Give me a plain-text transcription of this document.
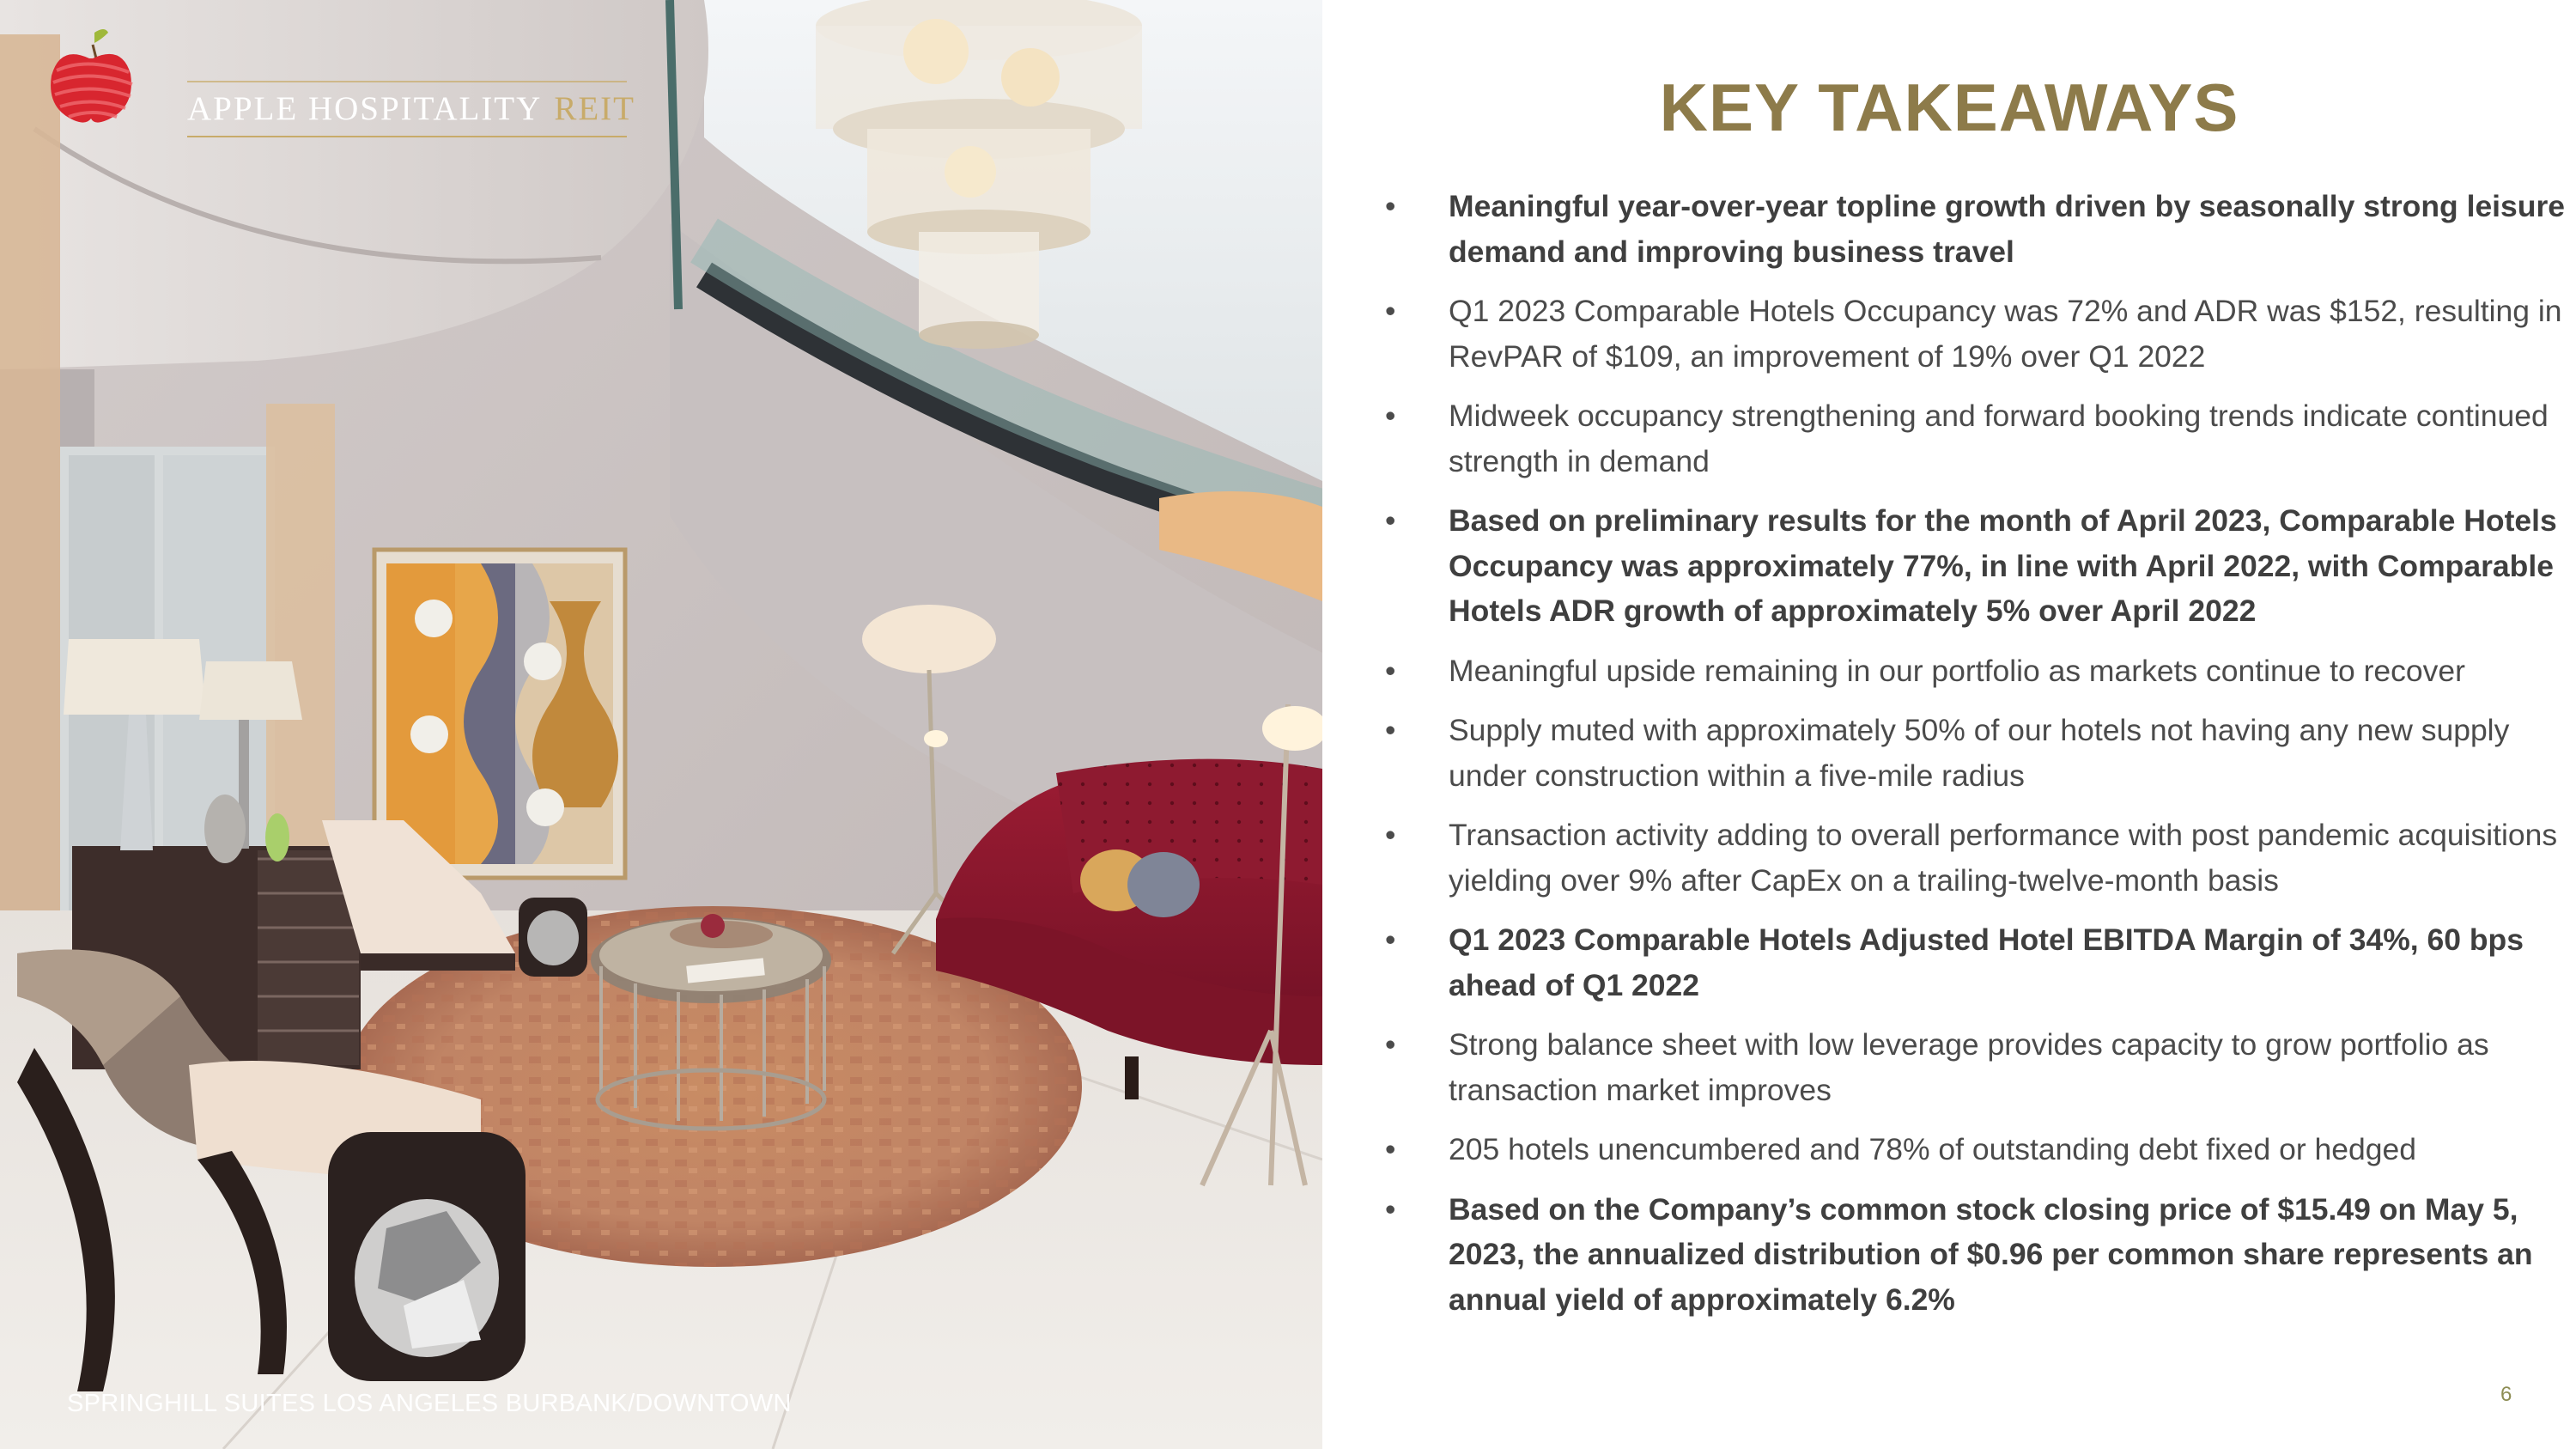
APPLE HOSPITALITY REIT
SPRINGHILL SUITES LOS ANGELES BURBANK/DOWNTOWN
KEY TAKEAWAYS
• Meaningful year-over-year topline growth driven by seasonally strong leisure demand and improving business travel
• Q1 2023 Comparable Hotels Occupancy was 72% and ADR was $152, resulting in RevPAR of $109, an improvement of 19% over Q1 2022
• Midweek occupancy strengthening and forward booking trends indicate continued strength in demand
• Based on preliminary results for the month of April 2023, Comparable Hotels Occupancy was approximately 77%, in line with April 2022, with Comparable Hotels ADR growth of approximately 5% over April 2022
• Meaningful upside remaining in our portfolio as markets continue to recover
• Supply muted with approximately 50% of our hotels not having any new supply under construction within a five-mile radius
• Transaction activity adding to overall performance with post pandemic acquisitions yielding over 9% after CapEx on a trailing-twelve-month basis
• Q1 2023 Comparable Hotels Adjusted Hotel EBITDA Margin of 34%, 60 bps ahead of Q1 2022
• Strong balance sheet with low leverage provides capacity to grow portfolio as transaction market improves
• 205 hotels unencumbered and 78% of outstanding debt fixed or hedged
• Based on the Company’s common stock closing price of $15.49 on May 5, 2023, the annualized distribution of $0.96 per common share represents an annual yield of approximately 6.2%
6
